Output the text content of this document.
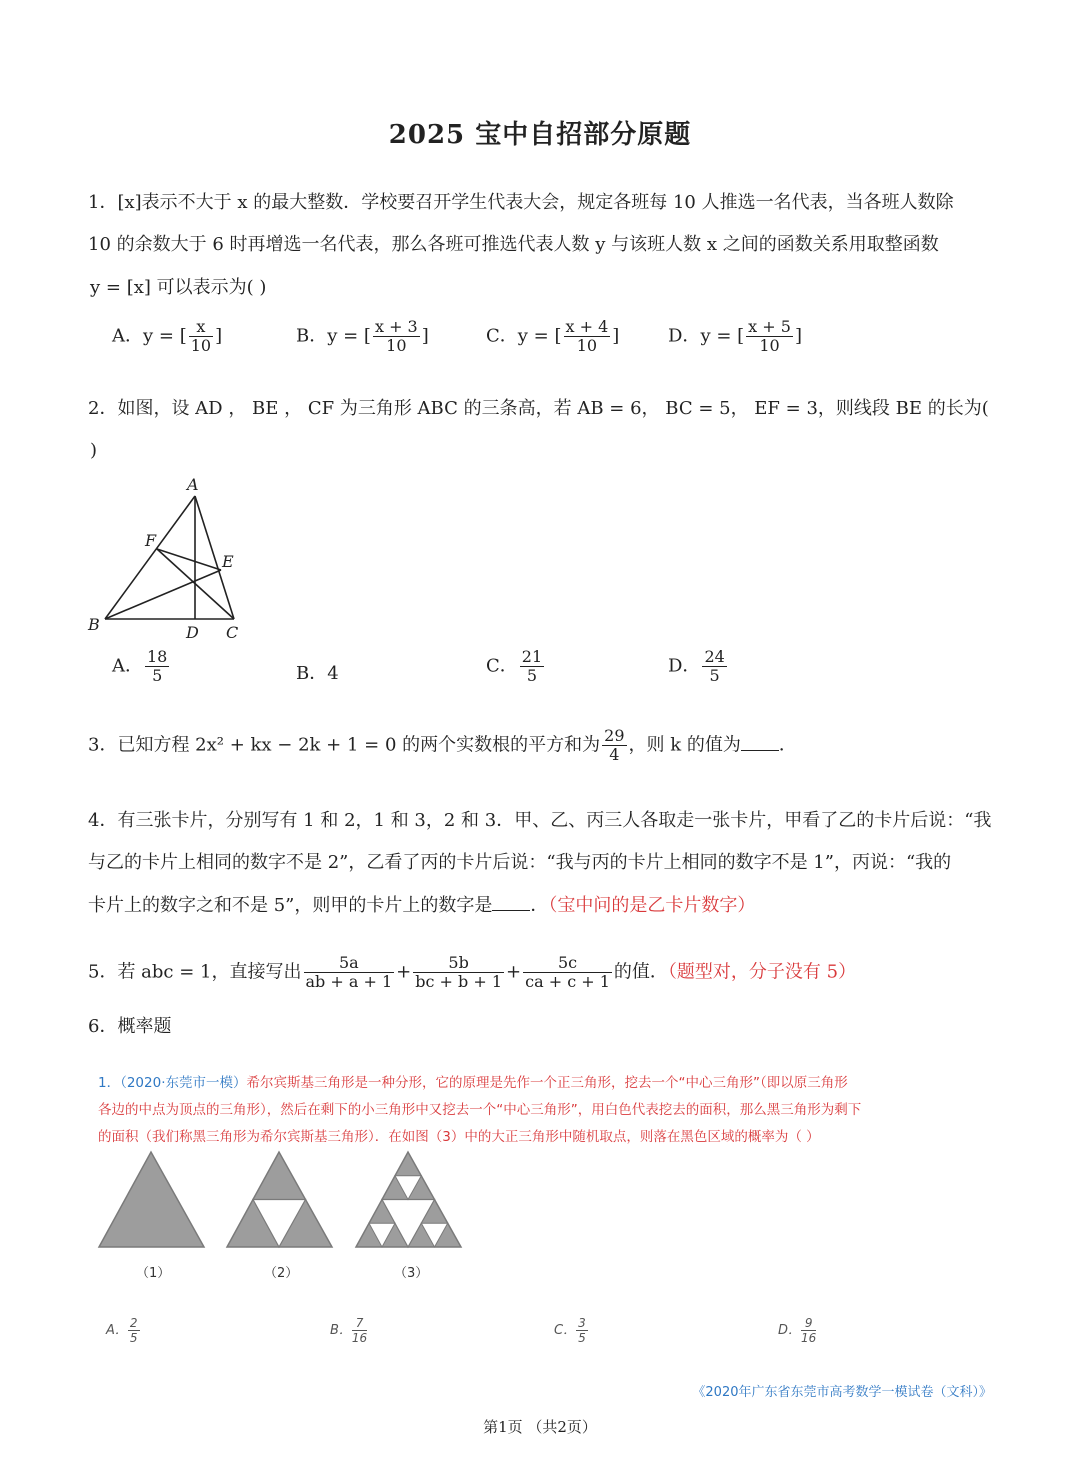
2025 宝中自招部分原题
1．[x]表示不大于 x 的最大整数．学校要召开学生代表大会，规定各班每 10 人推选一名代表，当各班人数除
10 的余数大于 6 时再增选一名代表，那么各班可推选代表人数 y 与该班人数 x 之间的函数关系用取整函数
y = [x] 可以表示为( )
A．y = [ $\frac{x}{10}$ ]	B．y = [ $\frac{x + 3}{10}$ ]	C．y = [ $\frac{x + 4}{10}$ ]	D．y = [ $\frac{x + 5}{10}$ ]
2．如图，设 AD ， BE ， CF 为三角形 ABC 的三条高，若 AB = 6， BC = 5， EF = 3，则线段 BE 的长为(
)
A
B	C
D
E
F
A． $\frac{18}{5}$	B．4	C． $\frac{21}{5}$	D． $\frac{24}{5}$
3．已知方程 2x² + kx − 2k + 1 = 0 的两个实数根的平方和为 $\frac{29}{4}$ ，则 k 的值为 ．
4．有三张卡片，分别写有 1 和 2，1 和 3，2 和 3．甲、乙、丙三人各取走一张卡片，甲看了乙的卡片后说：“我
与乙的卡片上相同的数字不是 2”，乙看了丙的卡片后说：“我与丙的卡片上相同的数字不是 1”，丙说：“我的
卡片上的数字之和不是 5”，则甲的卡片上的数字是 ．（宝中问的是乙卡片数字）
5．若 abc = 1，直接写出 $\frac{5a}{ab + a + 1} + \frac{5b}{bc + b + 1} + \frac{5c}{ca + c + 1}$ 的值．（题型对，分子没有 5）
6．概率题
1．（2020·东莞市一模）希尔宾斯基三角形是一种分形，它的原理是先作一个正三角形，挖去一个“中心三角形”（即以原三角形
各边的中点为顶点的三角形），然后在剩下的小三角形中又挖去一个“中心三角形”，用白色代表挖去的面积，那么黑三角形为剩下
的面积（我们称黑三角形为希尔宾斯基三角形）．在如图（3）中的大正三角形中随机取点，则落在黑色区域的概率为（ ）
（1）	（2）	（3）
A． $\frac{2}{5}$	B． $\frac{7}{16}$	C． $\frac{3}{5}$	D． $\frac{9}{16}$
《2020年广东省东莞市高考数学一模试卷（文科）》
第1页 （共2页）
